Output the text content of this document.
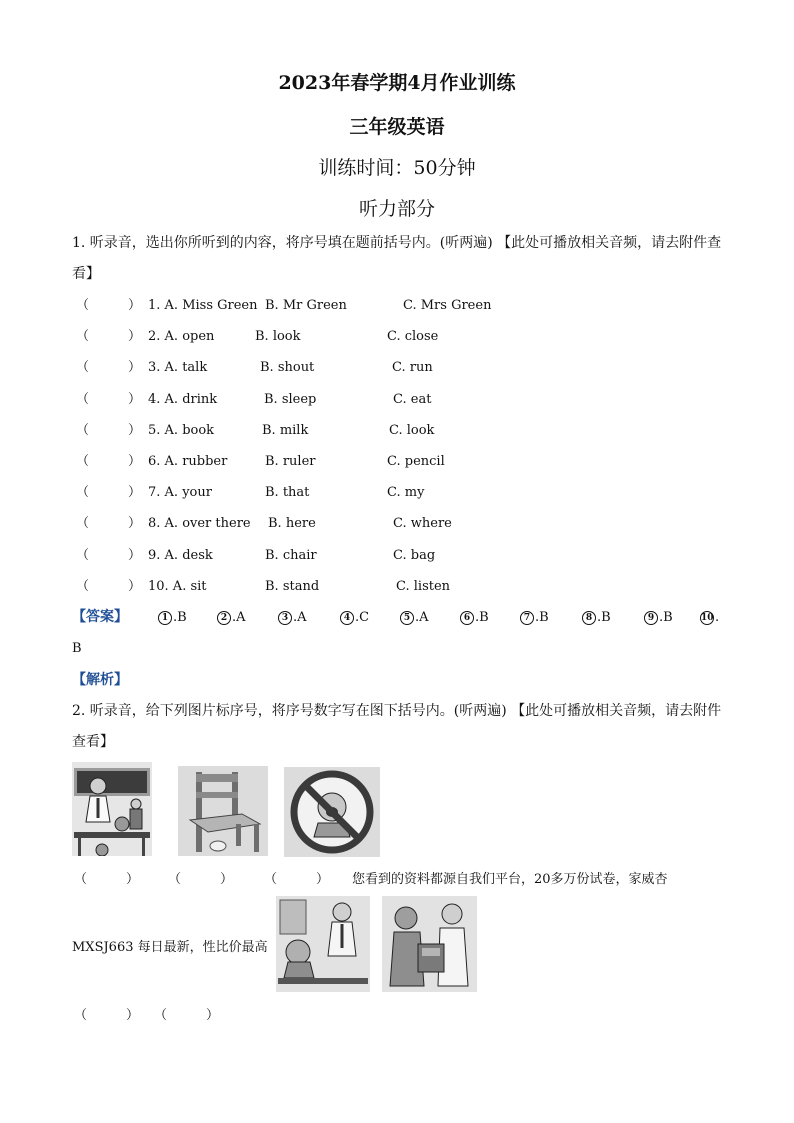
2023年春学期4月作业训练
三年级英语
训练时间：50分钟
听力部分
1. 听录音，选出你所听到的内容，将序号填在题前括号内。(听两遍) 【此处可播放相关音频，请去附件查看】
（　　　） 1. A. Miss Green B. Mr Green	C. Mrs Green
（　　　） 2. A. open	B. look	C. close
（　　　） 3. A. talk	B. shout	C. run
（　　　） 4. A. drink	B. sleep	C. eat
（　　　） 5. A. book	B. milk	C. look
（　　　） 6. A. rubber	B. ruler	C. pencil
（　　　） 7. A. your	B. that	C. my
（　　　） 8. A. over there B. here	C. where
（　　　） 9. A. desk	B. chair	C. bag
（　　　） 10. A. sit	B. stand	C. listen
【答案】	1 .B	2 .A	3 .A	4 .C	5 .A	6 .B	7 .B	8 .B	9 .B	10.
B
【解析】
2. 听录音，给下列图片标序号，将序号数字写在图下括号内。(听两遍) 【此处可播放相关音频，请去附件查看】
（　　　） （　　　） （　　　） 您看到的资料都源自我们平台，20多万份试卷，家威杏
MXSJ663 每日最新，性比价最高
（　　　） （　　　）
